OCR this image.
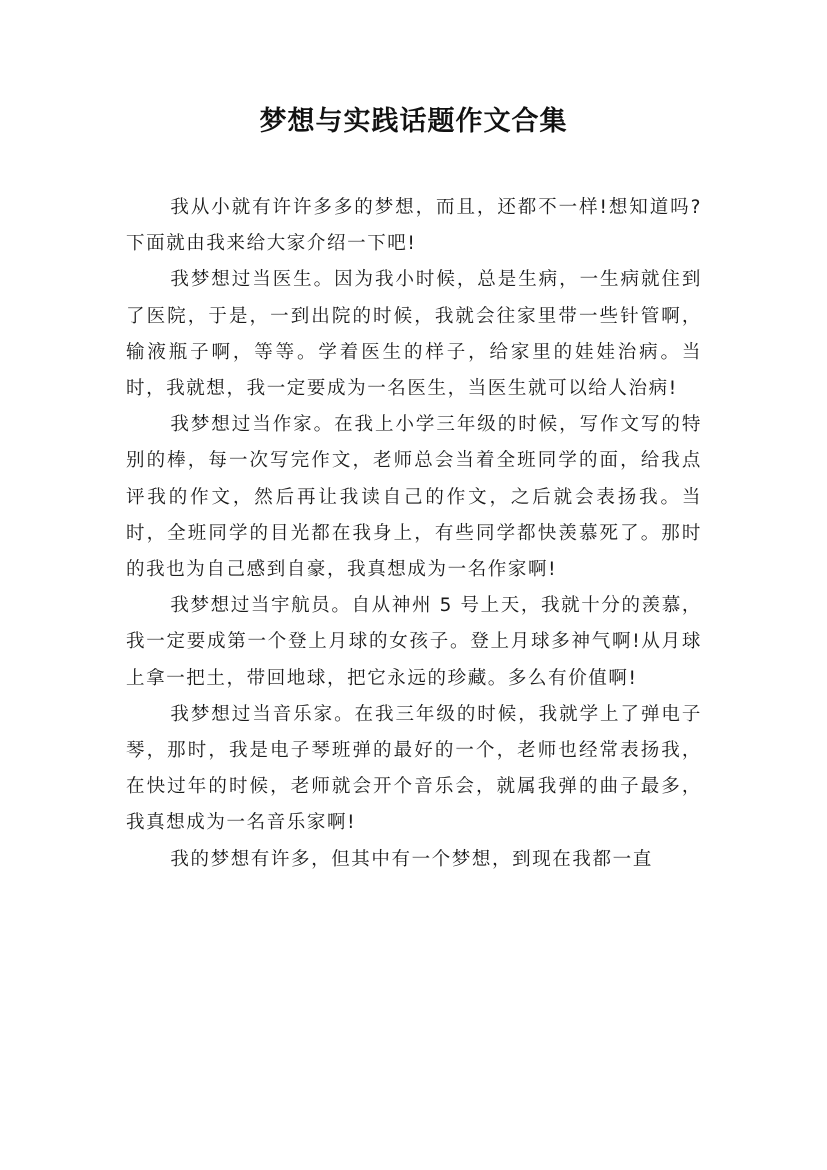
梦想与实践话题作文合集

我从小就有许许多多的梦想，而且，还都不一样!想知道吗?下面就由我来给大家介绍一下吧!

我梦想过当医生。因为我小时候，总是生病，一生病就住到了医院，于是，一到出院的时候，我就会往家里带一些针管啊，输液瓶子啊，等等。学着医生的样子，给家里的娃娃治病。当时，我就想，我一定要成为一名医生，当医生就可以给人治病!

我梦想过当作家。在我上小学三年级的时候，写作文写的特别的棒，每一次写完作文，老师总会当着全班同学的面，给我点评我的作文，然后再让我读自己的作文，之后就会表扬我。当时，全班同学的目光都在我身上，有些同学都快羡慕死了。那时的我也为自己感到自豪，我真想成为一名作家啊!

我梦想过当宇航员。自从神州 5 号上天，我就十分的羡慕，我一定要成第一个登上月球的女孩子。登上月球多神气啊!从月球上拿一把土，带回地球，把它永远的珍藏。多么有价值啊!

我梦想过当音乐家。在我三年级的时候，我就学上了弹电子琴，那时，我是电子琴班弹的最好的一个，老师也经常表扬我，在快过年的时候，老师就会开个音乐会，就属我弹的曲子最多，我真想成为一名音乐家啊!

我的梦想有许多，但其中有一个梦想，到现在我都一直
